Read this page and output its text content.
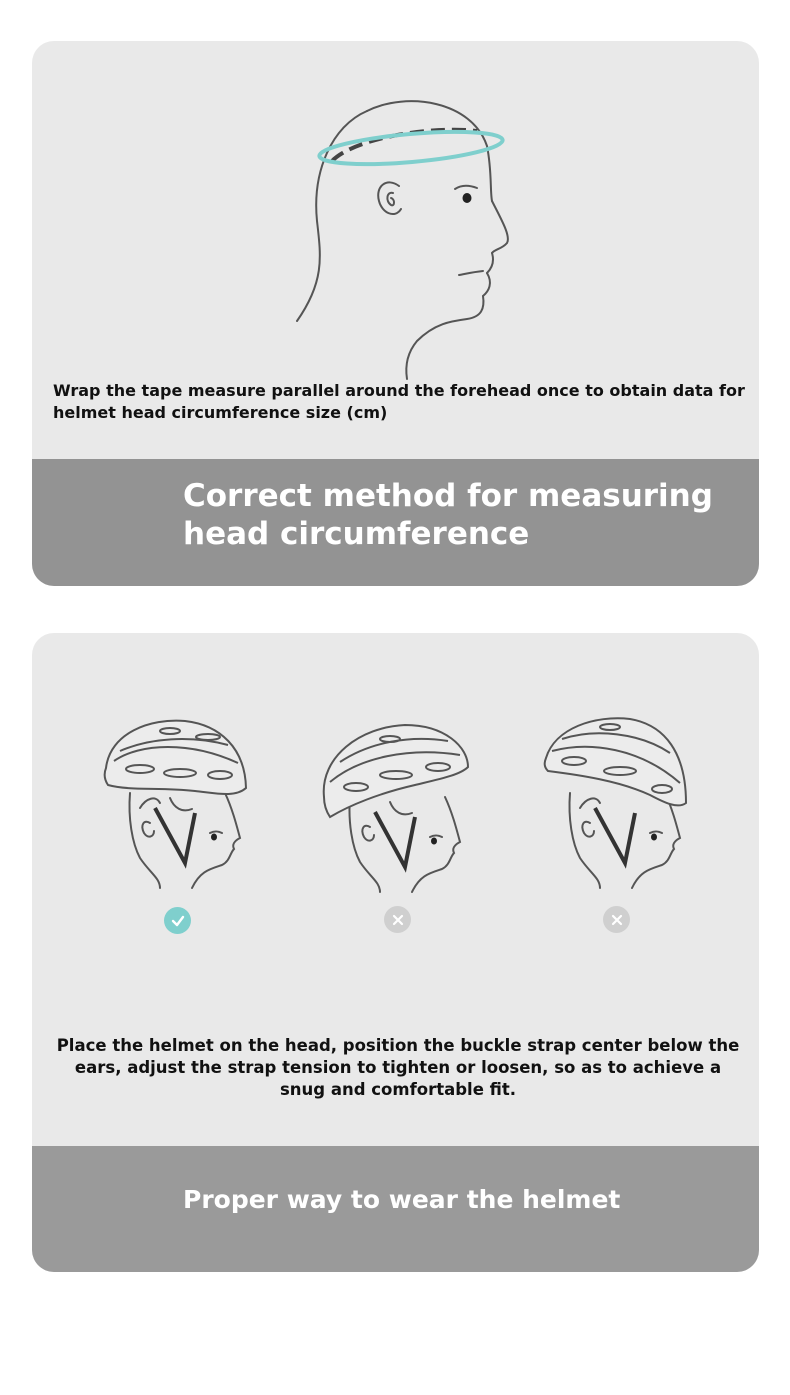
Wrap the tape measure parallel around the forehead once to obtain data for helmet head circumference size (cm)
Correct method for measuring head circumference
Place the helmet on the head, position the buckle strap center below the ears, adjust the strap tension to tighten or loosen, so as to achieve a snug and comfortable fit.
Proper way to wear the helmet
